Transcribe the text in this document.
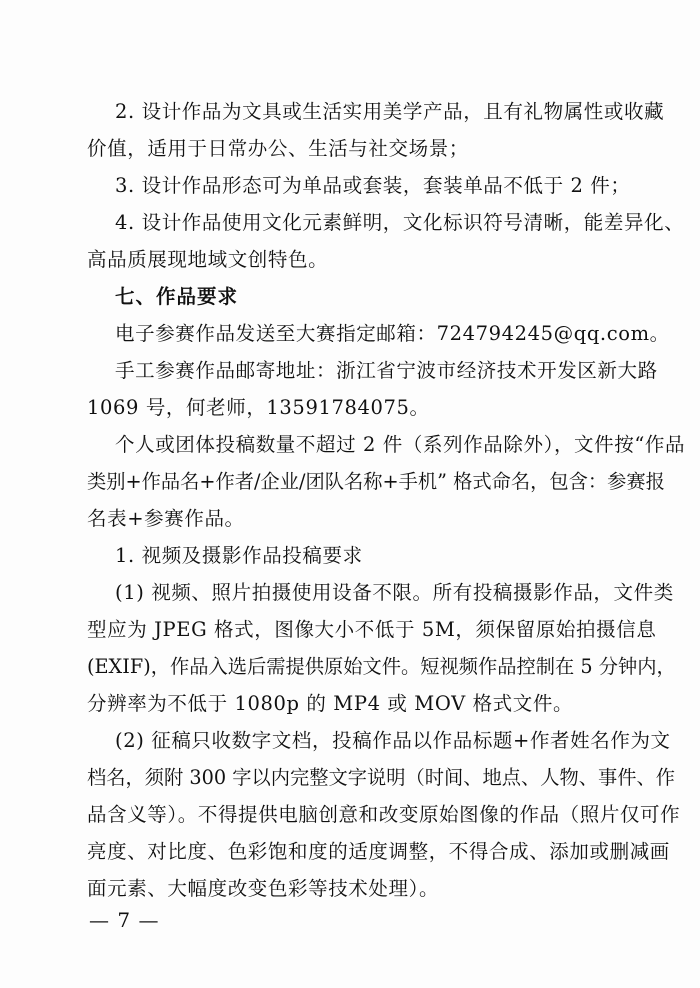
2. 设计作品为文具或生活实用美学产品，且有礼物属性或收藏
价值，适用于日常办公、生活与社交场景；
3. 设计作品形态可为单品或套装，套装单品不低于 2 件；
4. 设计作品使用文化元素鲜明，文化标识符号清晰，能差异化、
高品质展现地域文创特色。
七、作品要求
电子参赛作品发送至大赛指定邮箱：724794245@qq.com。
手工参赛作品邮寄地址：浙江省宁波市经济技术开发区新大路
1069 号，何老师，13591784075。
个人或团体投稿数量不超过 2 件（系列作品除外），文件按“作品
类别+作品名+作者/企业/团队名称+手机” 格式命名，包含：参赛报
名表+参赛作品。
1. 视频及摄影作品投稿要求
(1) 视频、照片拍摄使用设备不限。所有投稿摄影作品，文件类
型应为 JPEG 格式，图像大小不低于 5M，须保留原始拍摄信息
(EXIF)，作品入选后需提供原始文件。短视频作品控制在 5 分钟内，
分辨率为不低于 1080p 的 MP4 或 MOV 格式文件。
(2) 征稿只收数字文档，投稿作品以作品标题+作者姓名作为文
档名，须附 300 字以内完整文字说明（时间、地点、人物、事件、作
品含义等）。不得提供电脑创意和改变原始图像的作品（照片仅可作
亮度、对比度、色彩饱和度的适度调整，不得合成、添加或删减画
面元素、大幅度改变色彩等技术处理）。
— 7 —
